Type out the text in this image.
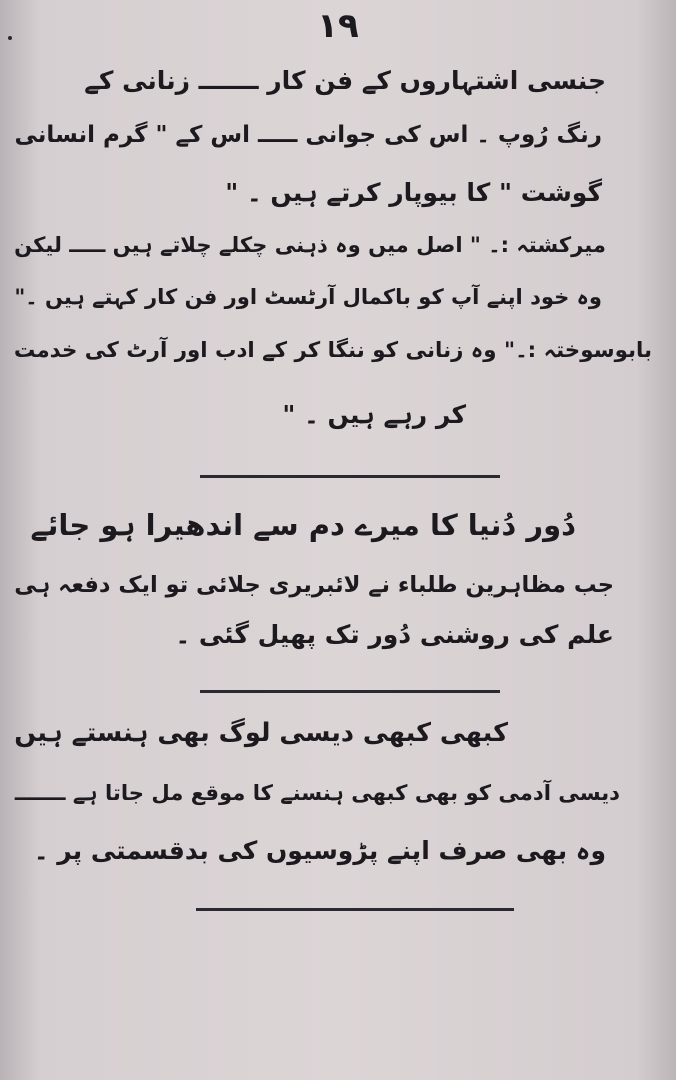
۱۹
جنسی اشتہاروں کے فن کار ـــــــ زنانی کے
رنگ رُوپ ۔ اس کی جوانی ـــــ اس کے " گرم انسانی
گوشت " کا بیوپار کرتے ہیں ۔ "
میرکشتہ :۔ " اصل میں وہ ذہنی چکلے چلاتے ہیں ـــــ لیکن
وہ خود اپنے آپ کو باکمال آرٹسٹ اور فن کار کہتے ہیں ۔"
بابوسوختہ :۔" وہ زنانی کو ننگا کر کے ادب اور آرٹ کی خدمت
کر رہے ہیں ۔ "
دُور دُنیا کا میرے دم سے اندھیرا ہو جائے
جب مظاہرین طلباء نے لائبریری جلائی تو ایک دفعہ ہی
علم کی روشنی دُور تک پھیل گئی ۔
کبھی کبھی دیسی لوگ بھی ہنستے ہیں
دیسی آدمی کو بھی کبھی ہنسنے کا موقع مل جاتا ہے ـــــــ
وہ بھی صرف اپنے پڑوسیوں کی بدقسمتی پر ۔
